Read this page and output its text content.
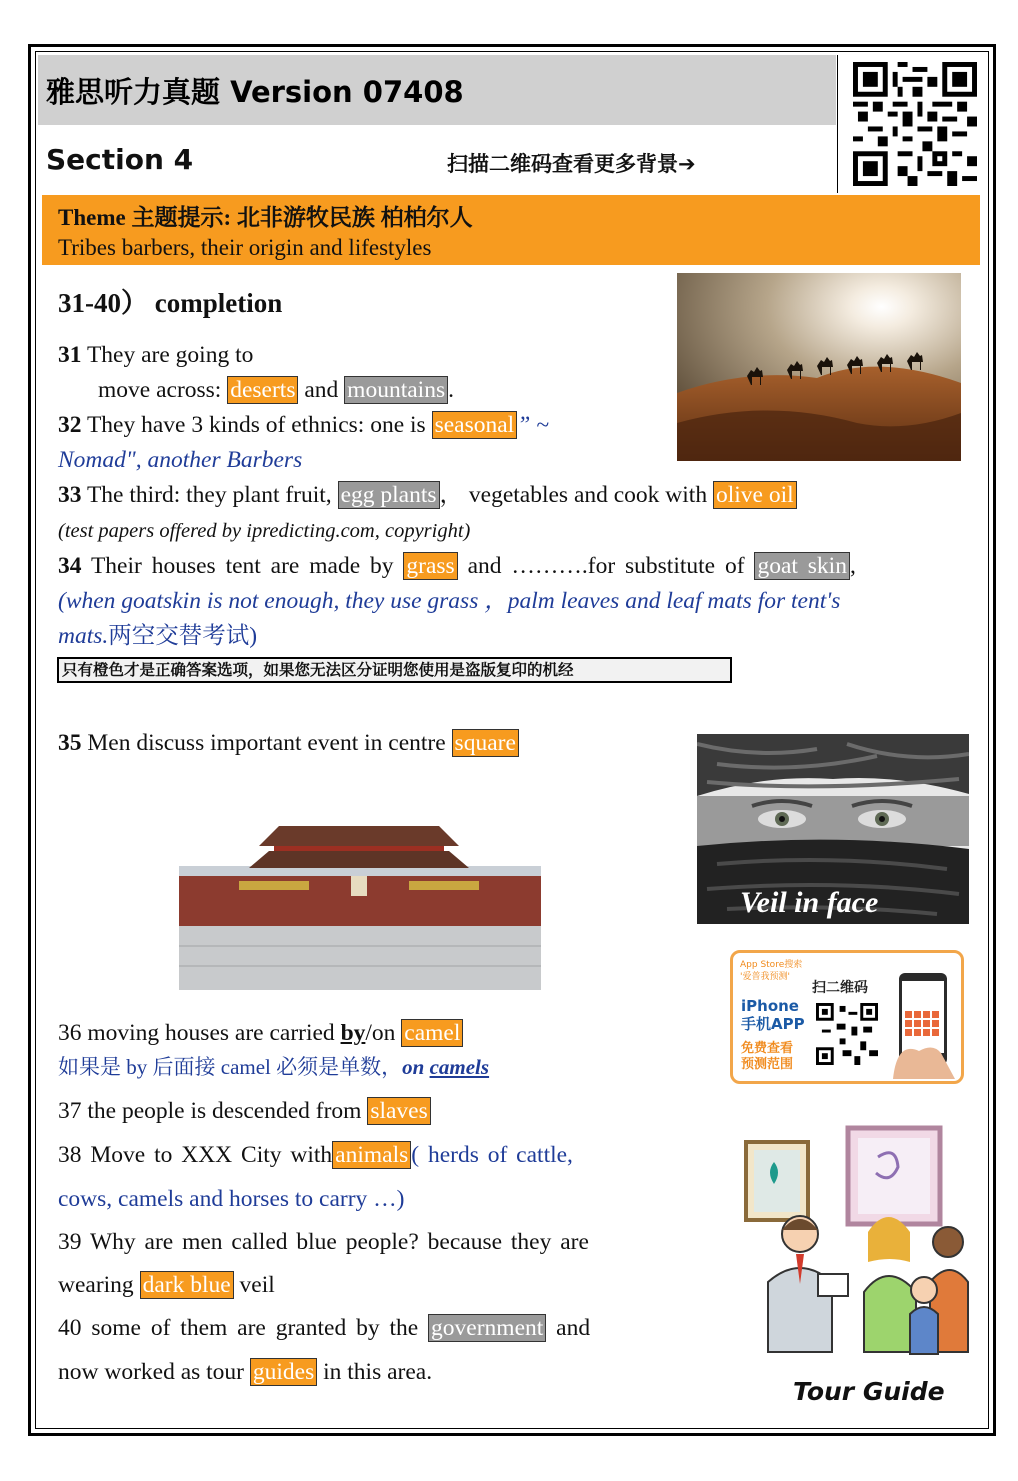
雅思听力真题 Version 07408
Section 4	扫描二维码查看更多背景➔
Theme 主题提示: 北非游牧民族 柏柏尔人
Tribes barbers, their origin and lifestyles
31-40） completion
31 They are going to
move across: deserts and mountains .
32 They have 3 kinds of ethnics: one is seasonal ” ~
Nomad", another Barbers
33 The third: they plant fruit, egg plants ， vegetables and cook with olive oil
(test papers offered by ipredicting.com, copyright)
34 Their houses tent are made by grass and ……….for substitute of goat skin ,
(when goatskin is not enough, they use grass ，palm leaves and leaf mats for tent's
mats.两空交替考试)
只有橙色才是正确答案选项，如果您无法区分证明您使用是盗版复印的机经
35 Men discuss important event in centre square
Veil in face
App Store搜索
'爱普我预测'
扫二维码
iPhone
手机APP
免费查看
预测范围
36 moving houses are carried by/on camel
如果是 by 后面接 camel 必须是单数，on camels
37 the people is descended from slaves
38 Move to XXX City with animals ( herds of cattle,
cows, camels and horses to carry …)
39 Why are men called blue people? because they are
wearing dark blue veil
40 some of them are granted by the government and
now worked as tour guides in this area.
Tour Guide
